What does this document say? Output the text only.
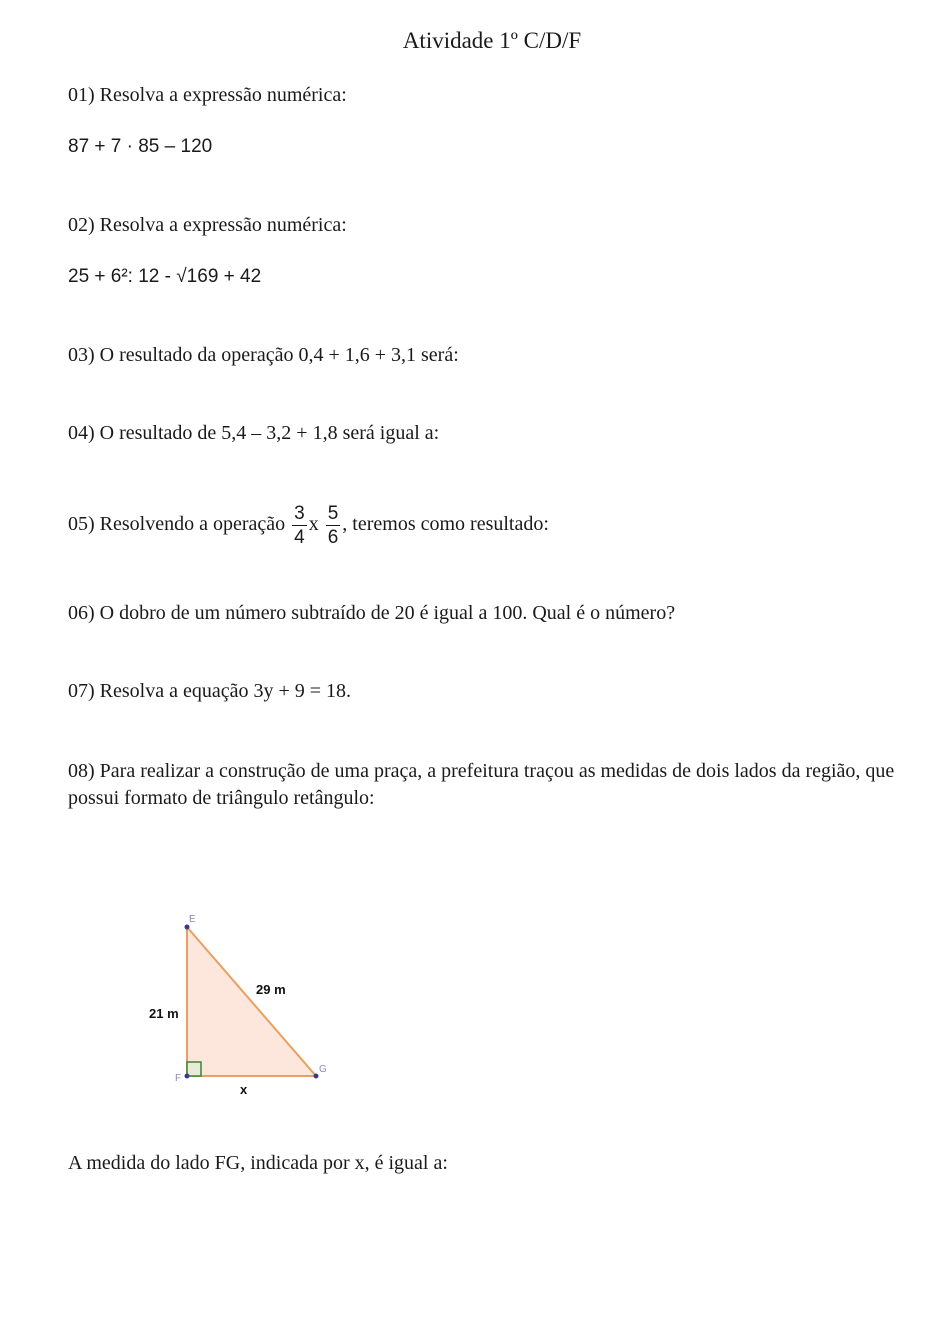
Atividade 1º C/D/F
01) Resolva a expressão numérica:
87 + 7 · 85 – 120
02) Resolva a expressão numérica:
25 + 6²: 12 - √169 + 42
03) O resultado da operação 0,4 + 1,6 + 3,1 será:
04) O resultado de 5,4 – 3,2 + 1,8 será igual a:
05) Resolvendo a operação $\frac{3}{4}$ x $\frac{5}{6}$ , teremos como resultado:
06) O dobro de um número subtraído de 20 é igual a 100. Qual é o número?
07) Resolva a equação 3y + 9 = 18.
08) Para realizar a construção de uma praça, a prefeitura traçou as medidas de dois lados da região, que possui formato de triângulo retângulo:
E
F
G
21 m
29 m
x
A medida do lado FG, indicada por x, é igual a:
